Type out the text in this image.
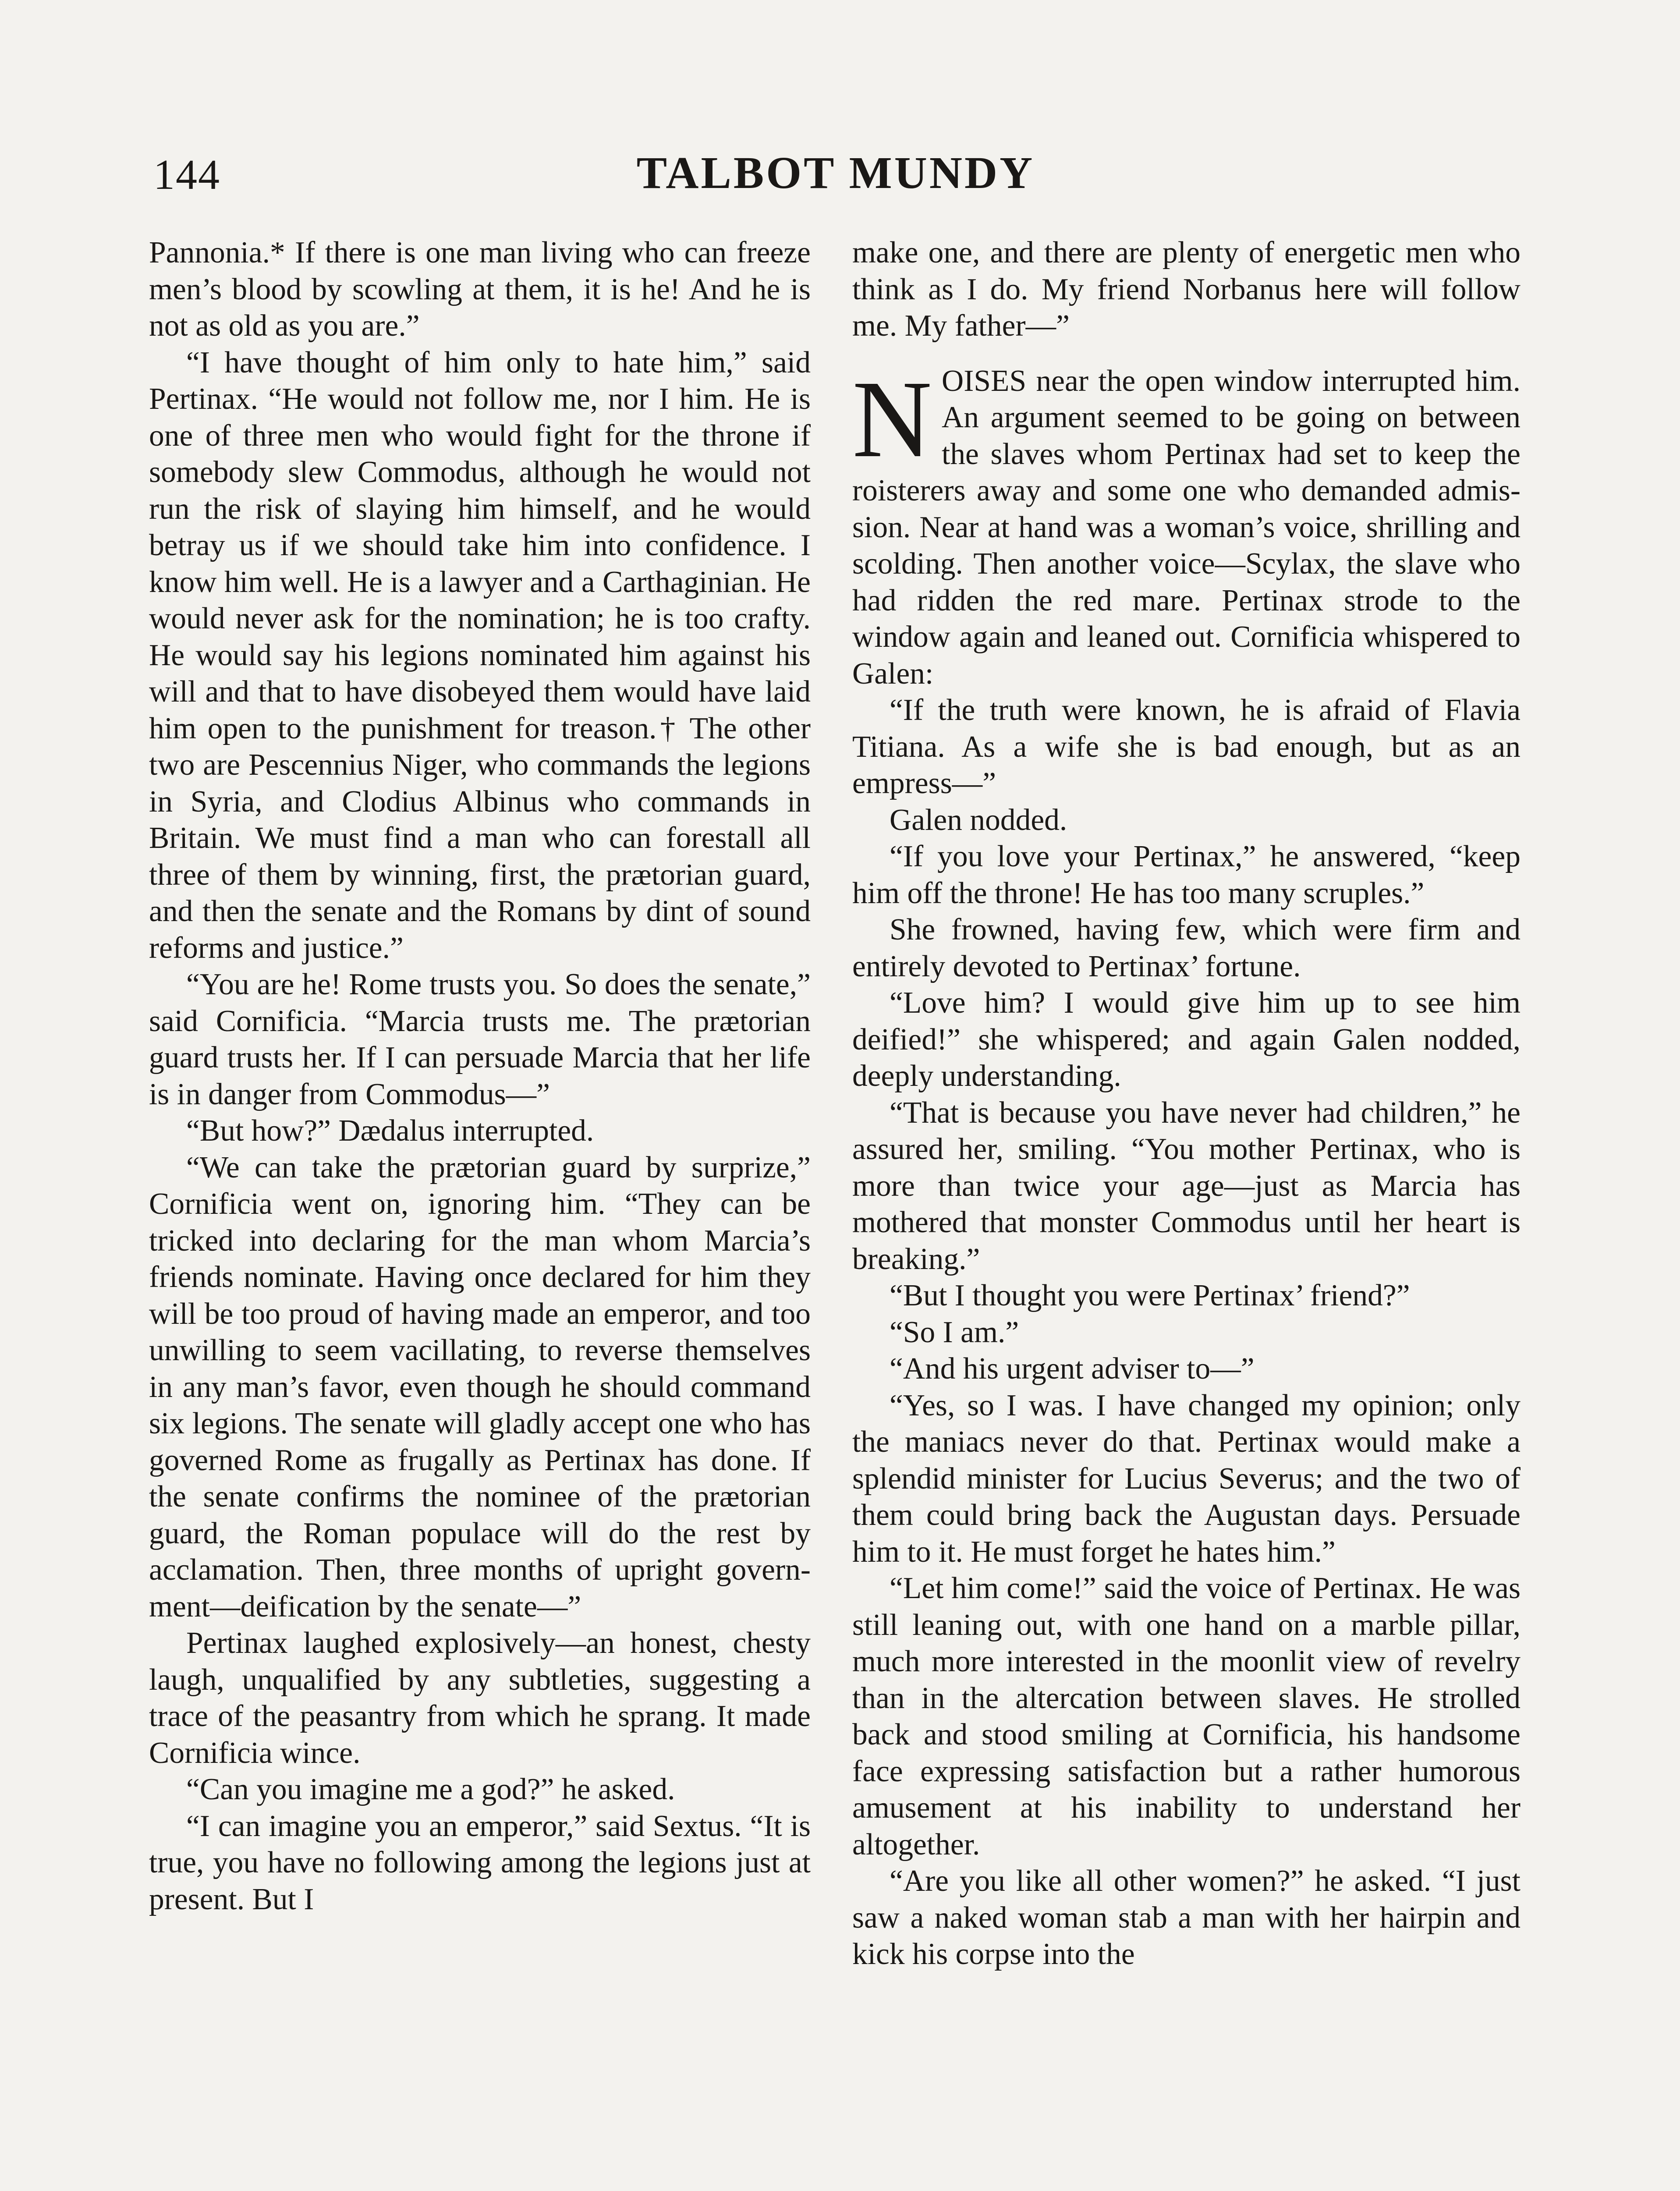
144	TALBOT MUNDY

Pannonia.* If there is one man living who can freeze men’s blood by scowling at them, it is he! And he is not as old as you are.”

“I have thought of him only to hate him,” said Pertinax. “He would not follow me, nor I him. He is one of three men who would fight for the throne if somebody slew Commodus, although he would not run the risk of slaying him himself, and he would betray us if we should take him into confidence. I know him well. He is a lawyer and a Carthaginian. He would never ask for the nomination; he is too crafty. He would say his legions nominated him against his will and that to have disobeyed them would have laid him open to the punishment for treason.† The other two are Pescennius Niger, who commands the legions in Syria, and Clodius Albinus who commands in Britain. We must find a man who can forestall all three of them by winning, first, the prætorian guard, and then the senate and the Romans by dint of sound reforms and justice.”

“You are he! Rome trusts you. So does the senate,” said Cornificia. “Marcia trusts me. The prætorian guard trusts her. If I can persuade Marcia that her life is in danger from Commodus—”

“But how?” Dædalus interrupted.

“We can take the prætorian guard by surprize,” Cornificia went on, ignoring him. “They can be tricked into declaring for the man whom Marcia’s friends nominate. Having once declared for him they will be too proud of having made an emperor, and too unwilling to seem vacillating, to reverse themselves in any man’s favor, even though he should command six legions. The senate will gladly accept one who has governed Rome as frugally as Pertinax has done. If the senate confirms the nominee of the prætorian guard, the Roman populace will do the rest by acclamation. Then, three months of upright government—deification by the senate—”

Pertinax laughed explosively—an honest, chesty laugh, unqualified by any subtleties, suggesting a trace of the peasantry from which he sprang. It made Cornificia wince.

“Can you imagine me a god?” he asked.

“I can imagine you an emperor,” said Sextus. “It is true, you have no following among the legions just at present. But I

make one, and there are plenty of energetic men who think as I do. My friend Norbanus here will follow me. My father—”

NOISES near the open window interrupted him. An argument seemed to be going on between the slaves whom Pertinax had set to keep the roisterers away and some one who demanded admission. Near at hand was a woman’s voice, shrilling and scolding. Then another voice—Scylax, the slave who had ridden the red mare. Pertinax strode to the window again and leaned out. Cornificia whispered to Galen:

“If the truth were known, he is afraid of Flavia Titiana. As a wife she is bad enough, but as an empress—”

Galen nodded.

“If you love your Pertinax,” he answered, “keep him off the throne! He has too many scruples.”

She frowned, having few, which were firm and entirely devoted to Pertinax’ fortune.

“Love him? I would give him up to see him deified!” she whispered; and again Galen nodded, deeply understanding.

“That is because you have never had children,” he assured her, smiling. “You mother Pertinax, who is more than twice your age—just as Marcia has mothered that monster Commodus until her heart is breaking.”

“But I thought you were Pertinax’ friend?”

“So I am.”

“And his urgent adviser to—”

“Yes, so I was. I have changed my opinion; only the maniacs never do that. Pertinax would make a splendid minister for Lucius Severus; and the two of them could bring back the Augustan days. Persuade him to it. He must forget he hates him.”

“Let him come!” said the voice of Pertinax. He was still leaning out, with one hand on a marble pillar, much more interested in the moonlit view of revelry than in the altercation between slaves. He strolled back and stood smiling at Cornificia, his handsome face expressing satisfaction but a rather humorous amusement at his inability to understand her altogether.

“Are you like all other women?” he asked. “I just saw a naked woman stab a man with her hairpin and kick his corpse into the
